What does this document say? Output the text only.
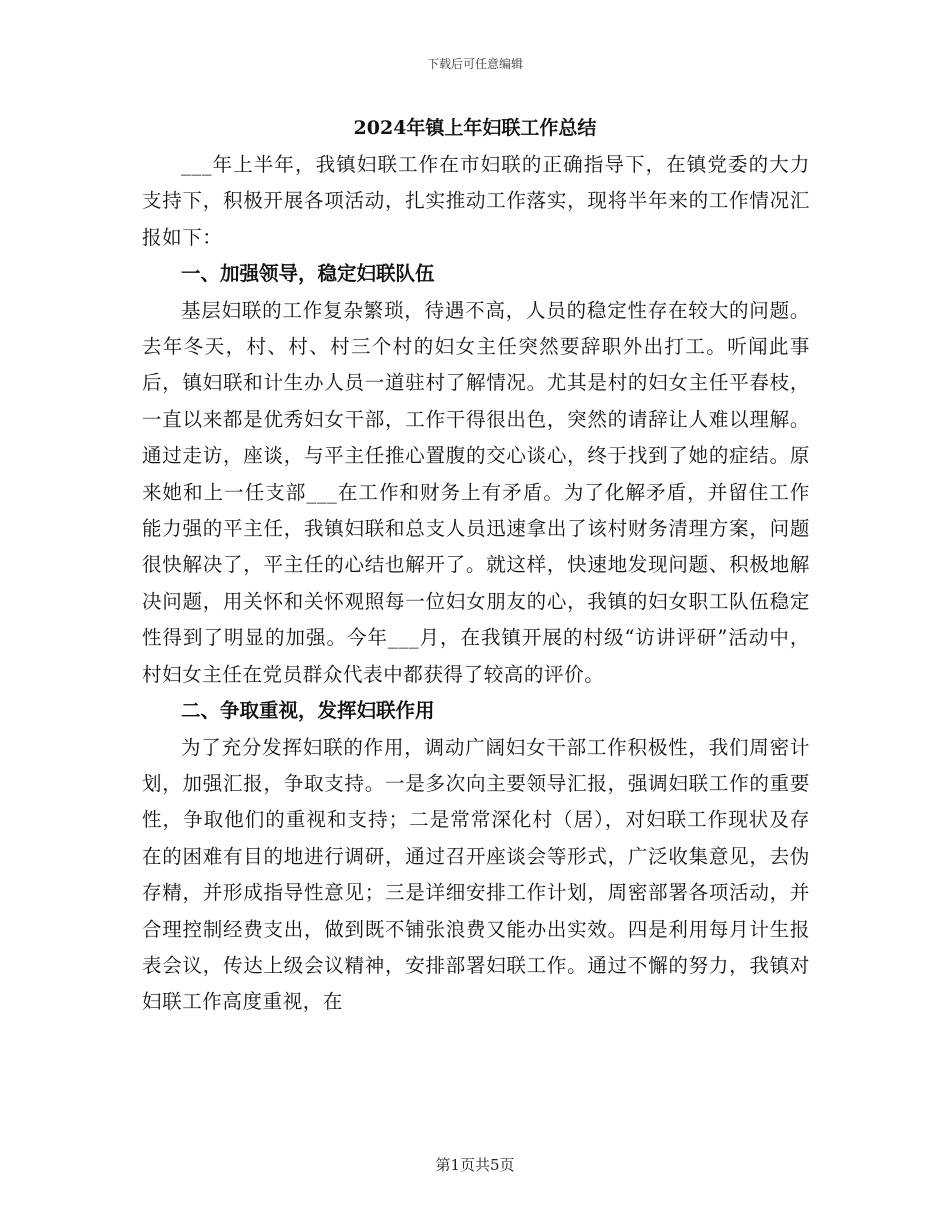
下载后可任意编辑
2024年镇上年妇联工作总结

___年上半年，我镇妇联工作在市妇联的正确指导下，在镇党委的大力支持下，积极开展各项活动，扎实推动工作落实，现将半年来的工作情况汇报如下：

一、加强领导，稳定妇联队伍

基层妇联的工作复杂繁琐，待遇不高，人员的稳定性存在较大的问题。去年冬天，村、村、村三个村的妇女主任突然要辞职外出打工。听闻此事后，镇妇联和计生办人员一道驻村了解情况。尤其是村的妇女主任平春枝，一直以来都是优秀妇女干部，工作干得很出色，突然的请辞让人难以理解。通过走访，座谈，与平主任推心置腹的交心谈心，终于找到了她的症结。原来她和上一任支部___在工作和财务上有矛盾。为了化解矛盾，并留住工作能力强的平主任，我镇妇联和总支人员迅速拿出了该村财务清理方案，问题很快解决了，平主任的心结也解开了。就这样，快速地发现问题、积极地解决问题，用关怀和关怀观照每一位妇女朋友的心，我镇的妇女职工队伍稳定性得到了明显的加强。今年___月，在我镇开展的村级“访讲评研”活动中，村妇女主任在党员群众代表中都获得了较高的评价。

二、争取重视，发挥妇联作用

为了充分发挥妇联的作用，调动广阔妇女干部工作积极性，我们周密计划，加强汇报，争取支持。一是多次向主要领导汇报，强调妇联工作的重要性，争取他们的重视和支持；二是常常深化村（居），对妇联工作现状及存在的困难有目的地进行调研，通过召开座谈会等形式，广泛收集意见，去伪存精，并形成指导性意见；三是详细安排工作计划，周密部署各项活动，并合理控制经费支出，做到既不铺张浪费又能办出实效。四是利用每月计生报表会议，传达上级会议精神，安排部署妇联工作。通过不懈的努力，我镇对妇联工作高度重视，在

第1页共5页
